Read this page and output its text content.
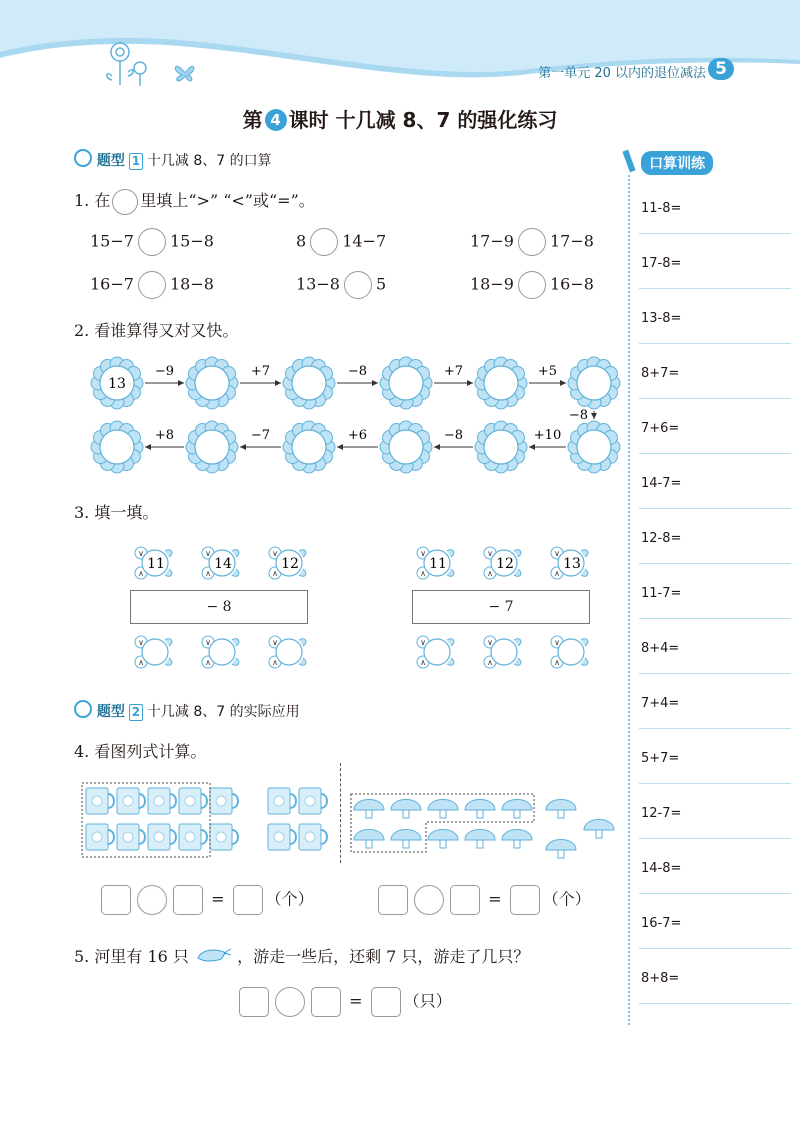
第一单元 20 以内的退位减法 5
第 4 课时 十几减 8、7 的强化练习
题型 1 十几减 8、7 的口算
1. 在 里填上“>” “<”或“=”。
15−7 15−8	8 14−7	17−9 17−8
16−7 18−8	13−8 5	18−9 16−8
2. 看谁算得又对又快。
13
−9	+7	−8	+7	+5
−8
+10
−8
+6
−7
+8
3. 填一填。
∨
∧
11
∨
∧
∨
∧
14
∨
∧
∨
∧
12
∨
∧
− 8
∨
∧
11
∨
∧
∨
∧
12
∨
∧
∨
∧
13
∨
∧
− 7
题型 2 十几减 8、7 的实际应用
4. 看图列式计算。
=	（个）	=	（个）
5. 河里有 16 只	，游走一些后，还剩 7 只，游走了几只？
=	（只）
口算训练
11-8=
17-8=
13-8=
8+7=
7+6=
14-7=
12-8=
11-7=
8+4=
7+4=
5+7=
12-7=
14-8=
16-7=
8+8=
